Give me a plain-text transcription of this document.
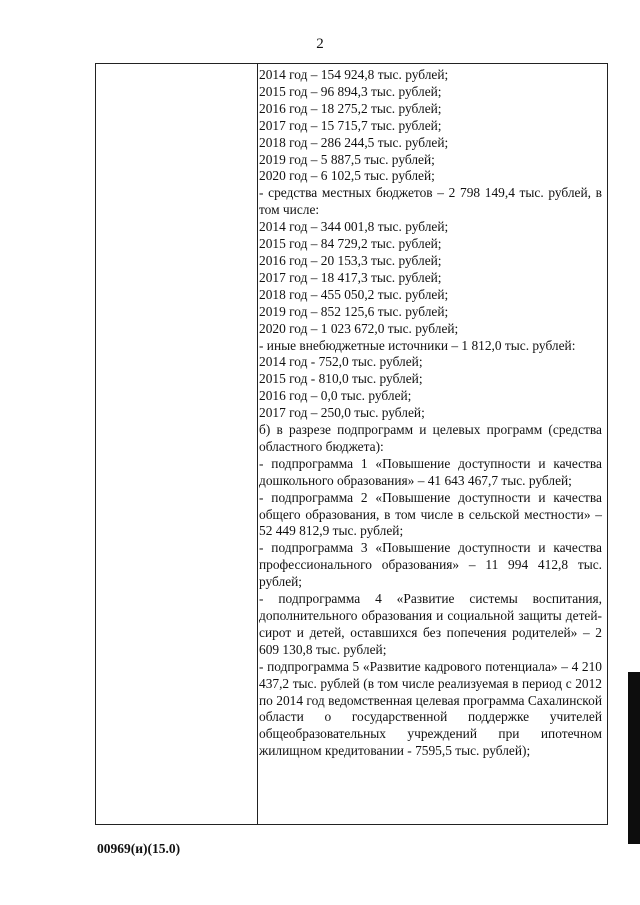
2

2014 год – 154 924,8 тыс. рублей;

2015 год – 96 894,3 тыс. рублей;

2016 год – 18 275,2 тыс. рублей;

2017 год – 15 715,7 тыс. рублей;

2018 год – 286 244,5 тыс. рублей;

2019 год – 5 887,5 тыс. рублей;

2020 год – 6 102,5 тыс. рублей;

- средства местных бюджетов – 2 798 149,4 тыс. рублей, в том числе:

2014 год – 344 001,8 тыс. рублей;

2015 год – 84 729,2 тыс. рублей;

2016 год – 20 153,3 тыс. рублей;

2017 год – 18 417,3 тыс. рублей;

2018 год – 455 050,2 тыс. рублей;

2019 год – 852 125,6 тыс. рублей;

2020 год – 1 023 672,0 тыс. рублей;

- иные внебюджетные источники – 1 812,0 тыс. рублей:

2014 год - 752,0 тыс. рублей;

2015 год - 810,0 тыс. рублей;

2016 год – 0,0 тыс. рублей;

2017 год – 250,0 тыс. рублей;

б) в разрезе подпрограмм и целевых программ (средства областного бюджета):

- подпрограмма 1 «Повышение доступности и качества дошкольного образования» – 41 643 467,7 тыс. рублей;

- подпрограмма 2 «Повышение доступности и качества общего образования, в том числе в сельской местности» – 52 449 812,9 тыс. рублей;

- подпрограмма 3 «Повышение доступности и качества профессионального образования» – 11 994 412,8 тыс. рублей;

- подпрограмма 4 «Развитие системы воспитания, дополнительного образования и социальной защиты детей-сирот и детей, оставшихся без попечения родителей» – 2 609 130,8 тыс. рублей;

- подпрограмма 5 «Развитие кадрового потенциала» – 4 210 437,2 тыс. рублей (в том числе реализуемая в период с 2012 по 2014 год ведомственная целевая программа Сахалинской области о государственной поддержке учителей общеобразовательных учреждений при ипотечном жилищном кредитовании - 7595,5 тыс. рублей);

00969(и)(15.0)
